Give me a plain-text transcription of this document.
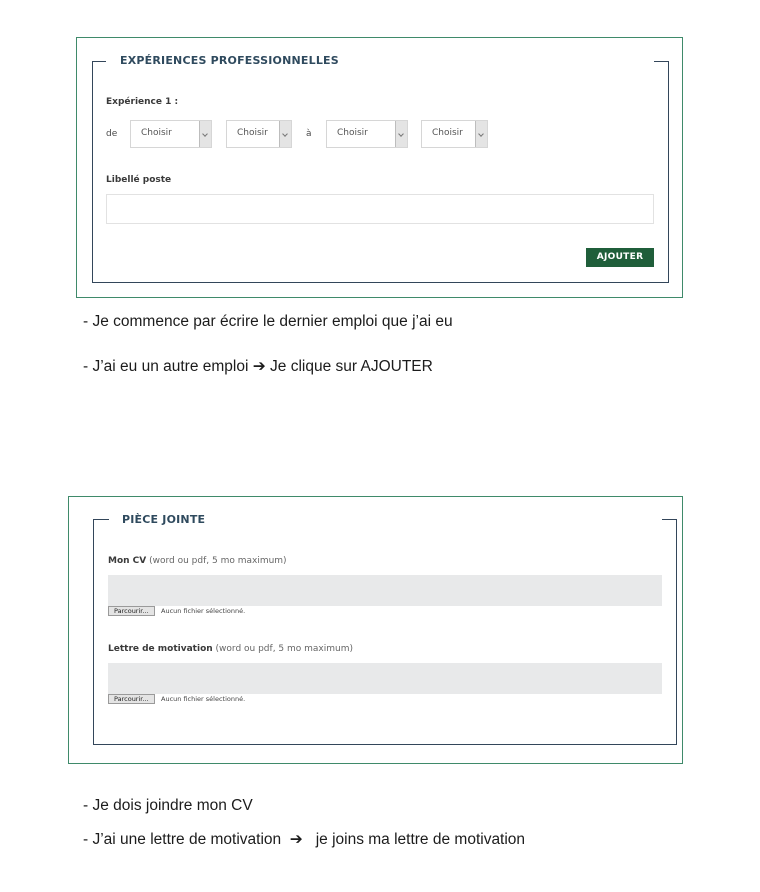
EXPÉRIENCES PROFESSIONNELLES
Expérience 1 :
de	Choisir	Choisir	à	Choisir	Choisir
Libellé poste
AJOUTER
- Je commence par écrire le dernier emploi que j’ai eu
- J’ai eu un autre emploi ➔ Je clique sur AJOUTER
PIÈCE JOINTE
Mon CV (word ou pdf, 5 mo maximum)
Parcourir...	Aucun fichier sélectionné.
Lettre de motivation (word ou pdf, 5 mo maximum)
Parcourir...	Aucun fichier sélectionné.
- Je dois joindre mon CV
- J’ai une lettre de motivation  ➔   je joins ma lettre de motivation
